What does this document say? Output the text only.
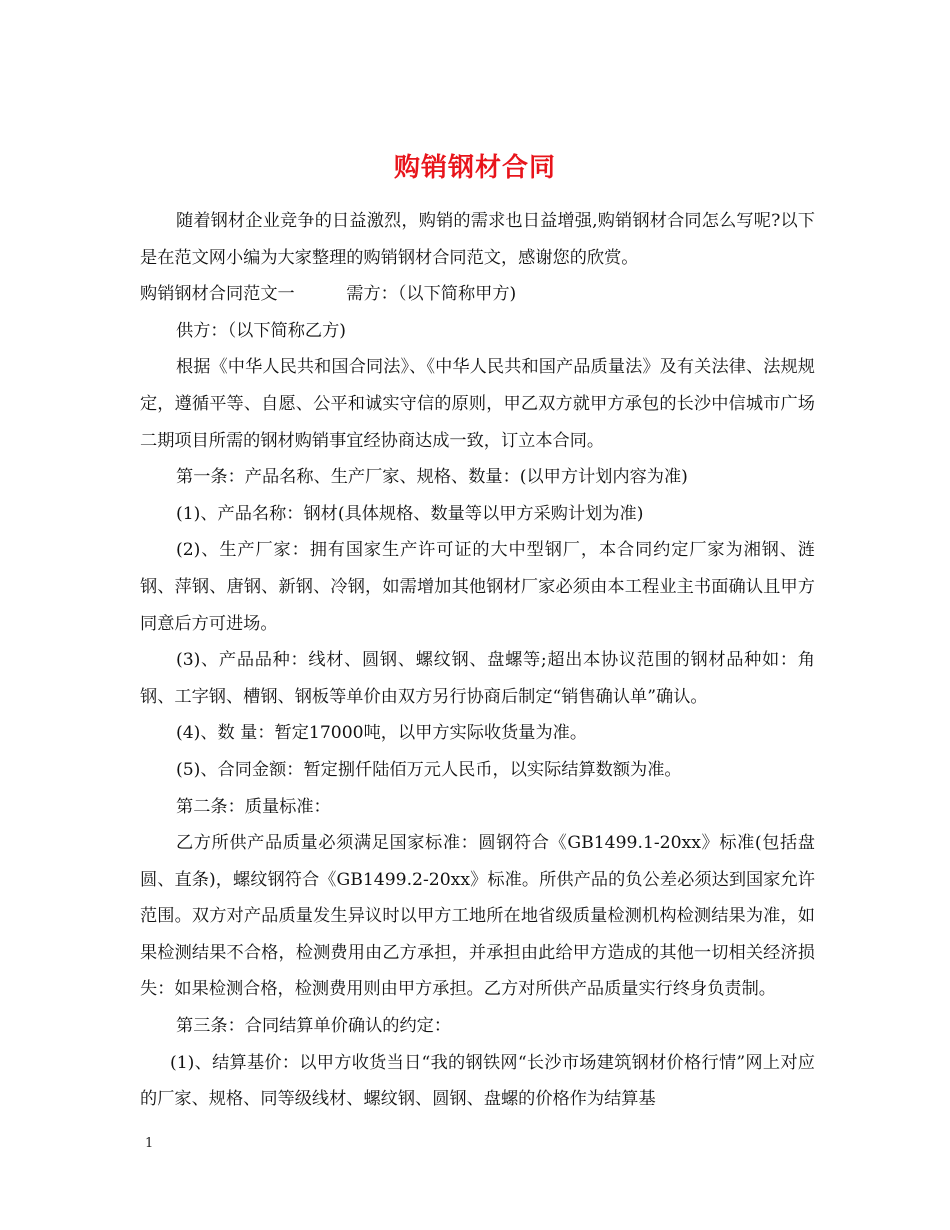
购销钢材合同

随着钢材企业竞争的日益激烈，购销的需求也日益增强,购销钢材合同怎么写呢?以下是在范文网小编为大家整理的购销钢材合同范文，感谢您的欣赏。

购销钢材合同范文一　　　需方：（以下简称甲方)

供方：（以下简称乙方)

根据《中华人民共和国合同法》、《中华人民共和国产品质量法》及有关法律、法规规定，遵循平等、自愿、公平和诚实守信的原则，甲乙双方就甲方承包的长沙中信城市广场二期项目所需的钢材购销事宜经协商达成一致，订立本合同。

第一条：产品名称、生产厂家、规格、数量：(以甲方计划内容为准)

(1)、产品名称：钢材(具体规格、数量等以甲方采购计划为准)

(2)、生产厂家：拥有国家生产许可证的大中型钢厂，本合同约定厂家为湘钢、涟钢、萍钢、唐钢、新钢、冷钢，如需增加其他钢材厂家必须由本工程业主书面确认且甲方同意后方可进场。

(3)、产品品种：线材、圆钢、螺纹钢、盘螺等;超出本协议范围的钢材品种如：角钢、工字钢、槽钢、钢板等单价由双方另行协商后制定“销售确认单”确认。

(4)、数 量：暂定17000吨，以甲方实际收货量为准。

(5)、合同金额：暂定捌仟陆佰万元人民币，以实际结算数额为准。

第二条：质量标准：

乙方所供产品质量必须满足国家标准：圆钢符合《GB1499.1-20xx》标准(包括盘圆、直条)，螺纹钢符合《GB1499.2-20xx》标准。所供产品的负公差必须达到国家允许范围。双方对产品质量发生异议时以甲方工地所在地省级质量检测机构检测结果为准，如果检测结果不合格，检测费用由乙方承担，并承担由此给甲方造成的其他一切相关经济损失：如果检测合格，检测费用则由甲方承担。乙方对所供产品质量实行终身负责制。

第三条：合同结算单价确认的约定：

(1)、结算基价：以甲方收货当日“我的钢铁网“长沙市场建筑钢材价格行情”网上对应的厂家、规格、同等级线材、螺纹钢、圆钢、盘螺的价格作为结算基

1
